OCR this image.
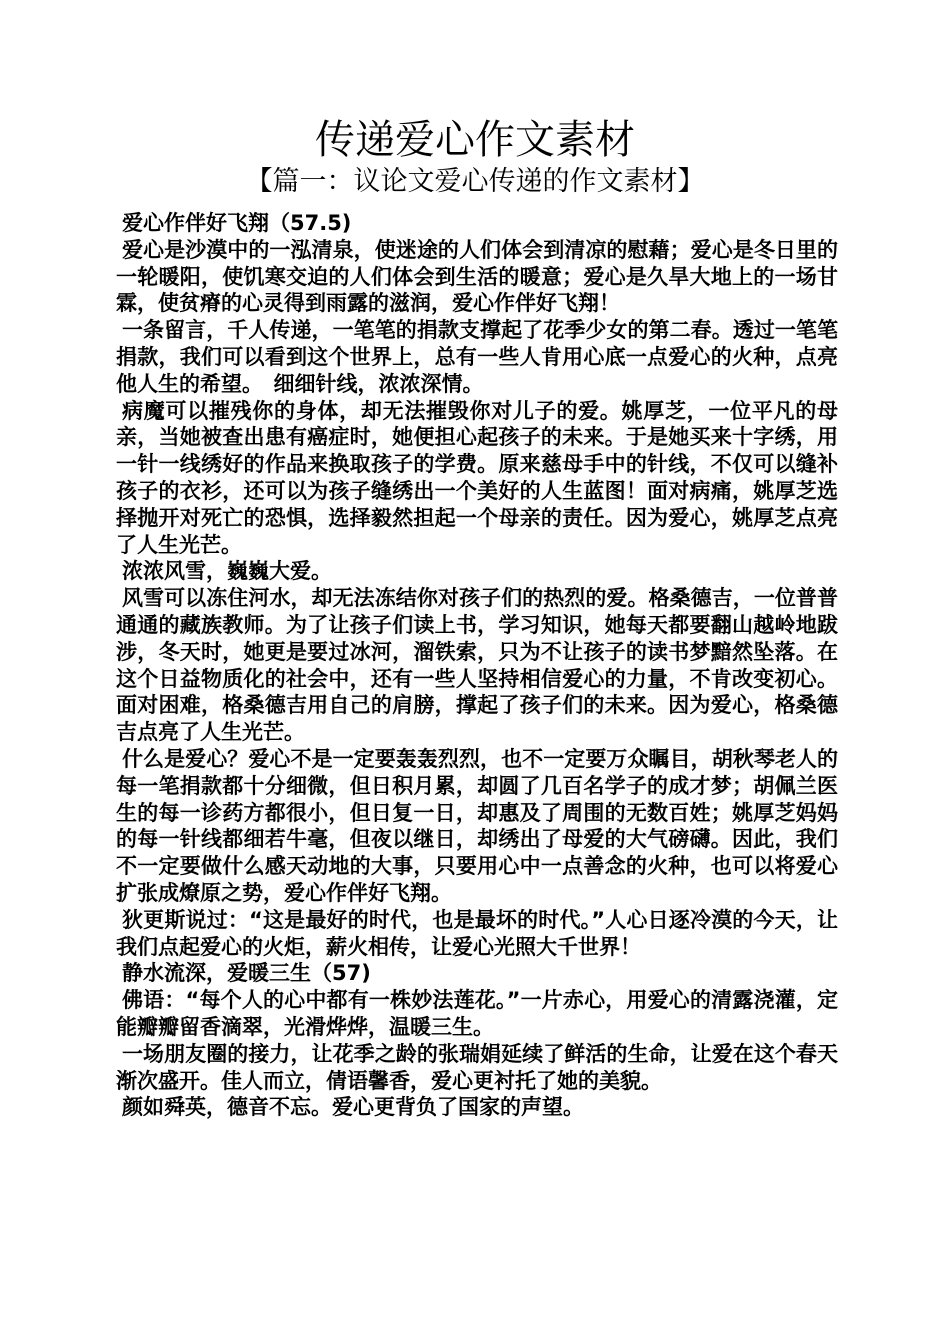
传递爱心作文素材
【篇一：议论文爱心传递的作文素材】

爱心作伴好飞翔（57.5)

爱心是沙漠中的一泓清泉，使迷途的人们体会到清凉的慰藉；爱心是冬日里的一轮暖阳，使饥寒交迫的人们体会到生活的暖意；爱心是久旱大地上的一场甘霖，使贫瘠的心灵得到雨露的滋润，爱心作伴好飞翔！

一条留言，千人传递，一笔笔的捐款支撑起了花季少女的第二春。透过一笔笔捐款，我们可以看到这个世界上，总有一些人肯用心底一点爱心的火种，点亮他人生的希望。　细细针线，浓浓深情。

病魔可以摧残你的身体，却无法摧毁你对儿子的爱。姚厚芝，一位平凡的母亲，当她被查出患有癌症时，她便担心起孩子的未来。于是她买来十字绣，用一针一线绣好的作品来换取孩子的学费。原来慈母手中的针线，不仅可以缝补孩子的衣衫，还可以为孩子缝绣出一个美好的人生蓝图！面对病痛，姚厚芝选择抛开对死亡的恐惧，选择毅然担起一个母亲的责任。因为爱心，姚厚芝点亮了人生光芒。

浓浓风雪，巍巍大爱。

风雪可以冻住河水，却无法冻结你对孩子们的热烈的爱。格桑德吉，一位普普通通的藏族教师。为了让孩子们读上书，学习知识，她每天都要翻山越岭地跋涉，冬天时，她更是要过冰河，溜铁索，只为不让孩子的读书梦黯然坠落。在这个日益物质化的社会中，还有一些人坚持相信爱心的力量，不肯改变初心。面对困难，格桑德吉用自己的肩膀，撑起了孩子们的未来。因为爱心，格桑德吉点亮了人生光芒。

什么是爱心？爱心不是一定要轰轰烈烈，也不一定要万众瞩目，胡秋琴老人的每一笔捐款都十分细微，但日积月累，却圆了几百名学子的成才梦；胡佩兰医生的每一诊药方都很小，但日复一日，却惠及了周围的无数百姓；姚厚芝妈妈的每一针线都细若牛毫，但夜以继日，却绣出了母爱的大气磅礴。因此，我们不一定要做什么感天动地的大事，只要用心中一点善念的火种，也可以将爱心扩张成燎原之势，爱心作伴好飞翔。

狄更斯说过：“这是最好的时代，也是最坏的时代。”人心日逐冷漠的今天，让我们点起爱心的火炬，薪火相传，让爱心光照大千世界！

静水流深，爱暖三生（57)

佛语：“每个人的心中都有一株妙法莲花。”一片赤心，用爱心的清露浇灌，定能瓣瓣留香滴翠，光滑烨烨，温暖三生。

一场朋友圈的接力，让花季之龄的张瑞娟延续了鲜活的生命，让爱在这个春天渐次盛开。佳人而立，倩语馨香，爱心更衬托了她的美貌。

颜如舜英，德音不忘。爱心更背负了国家的声望。
